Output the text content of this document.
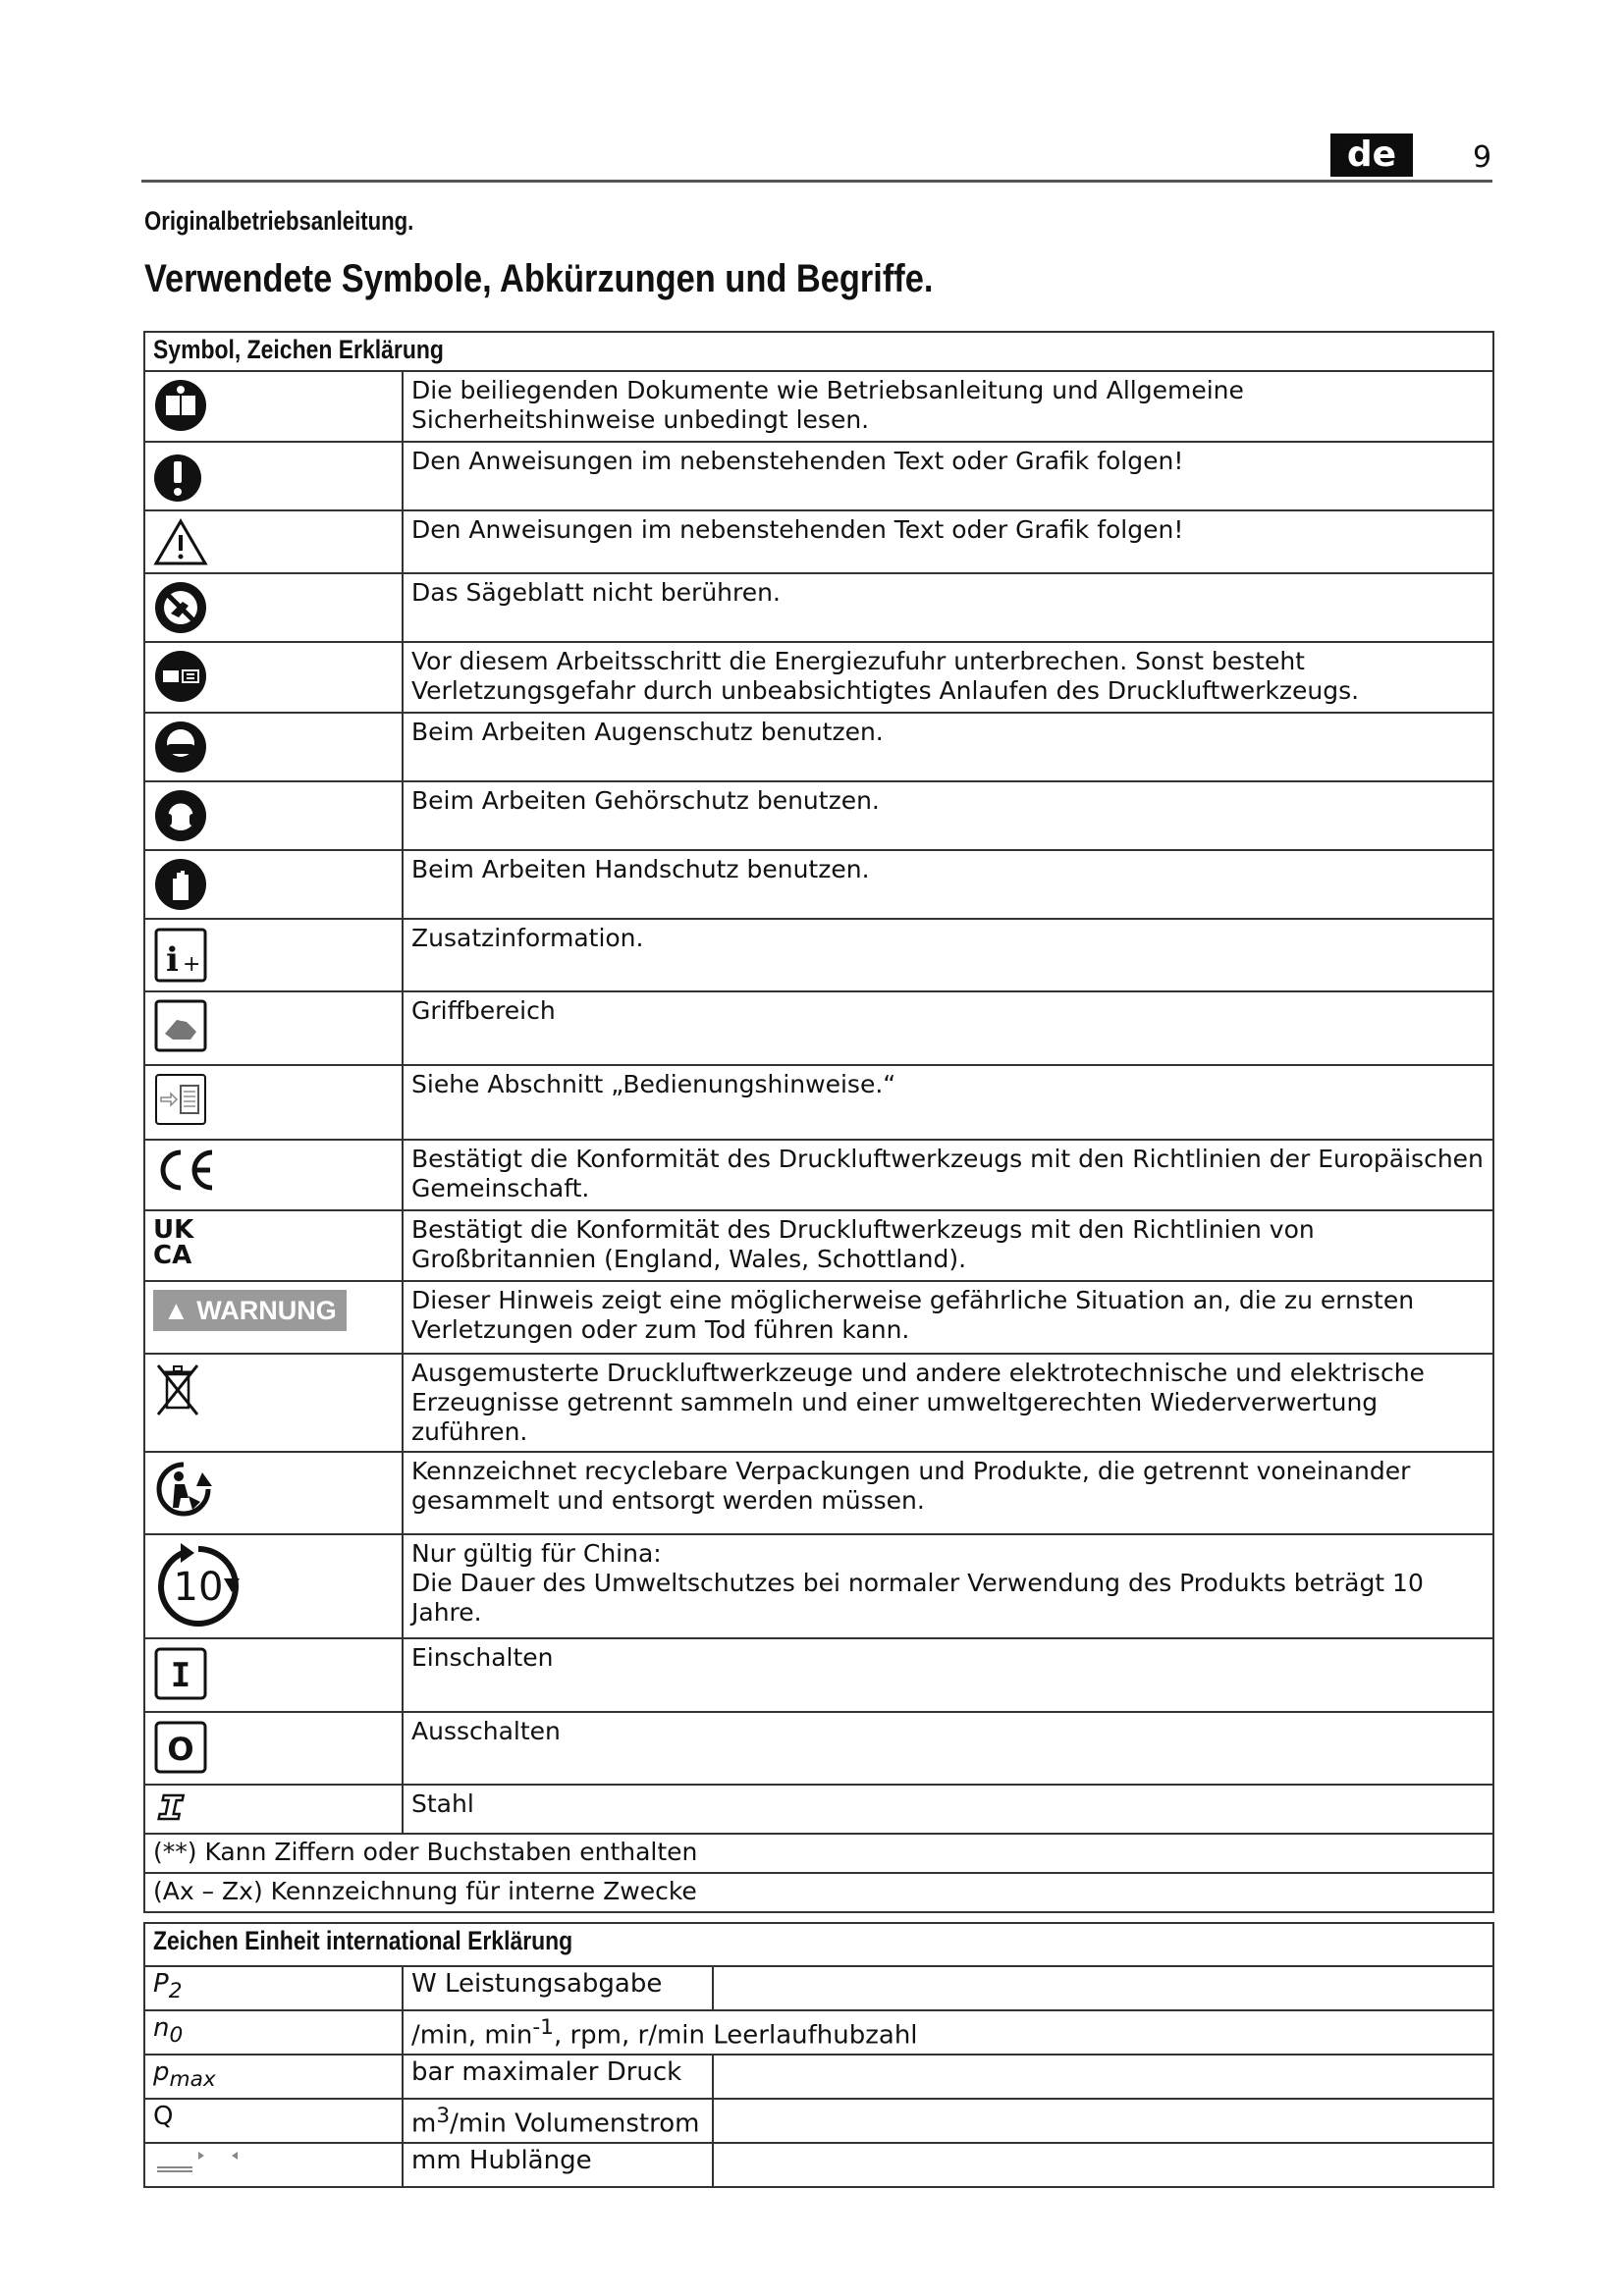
de	9
Originalbetriebsanleitung.
Verwendete Symbole, Abkürzungen und Begriffe.
Symbol, Zeichen Erklärung	

	Die beiliegenden Dokumente wie Betriebsanleitung und Allgemeine Sicherheitshinweise unbedingt lesen.

	Den Anweisungen im nebenstehenden Text oder Grafik folgen!

	Den Anweisungen im nebenstehenden Text oder Grafik folgen!

	Das Sägeblatt nicht berühren.

	Vor diesem Arbeitsschritt die Energiezufuhr unterbrechen. Sonst besteht Verletzungsgefahr durch unbeabsichtigtes Anlaufen des Druckluftwerkzeugs.

	Beim Arbeiten Augenschutz benutzen.

	Beim Arbeiten Gehörschutz benutzen.

	Beim Arbeiten Handschutz benutzen.

i +	Zusatzinformation.

	Griffbereich

	Siehe Abschnitt „Bedienungshinweise.“

	Bestätigt die Konformität des Druckluftwerkzeugs mit den Richtlinien der Europäischen Gemeinschaft.

UK
CA	Bestätigt die Konformität des Druckluftwerkzeugs mit den Richtlinien von Großbritannien (England, Wales, Schottland).
▲ WARNUNG	Dieser Hinweis zeigt eine möglicherweise gefährliche Situation an, die zu ernsten Verletzungen oder zum Tod führen kann.

	Ausgemusterte Druckluftwerkzeuge und andere elektrotechnische und elektrische Erzeugnisse getrennt sammeln und einer umweltgerechten Wiederverwertung zuführen.

	Kennzeichnet recyclebare Verpackungen und Produkte, die getrennt voneinander gesammelt und entsorgt werden müssen.

10	Nur gültig für China:
Die Dauer des Umweltschutzes bei normaler Verwendung des Produkts beträgt 10 Jahre.

I	Einschalten

O	Ausschalten

	Stahl
(**) Kann Ziffern oder Buchstaben enthalten	
(Ax – Zx) Kennzeichnung für interne Zwecke	
Zeichen Einheit international Erklärung		
$P_2$	W Leistungsabgabe	
$n_0$	/min, $\min^{-1}$, rpm, r/min Leerlaufhubzahl	
$p_{max}$	bar maximaler Druck	
Q	$m^3/\min$ Volumenstrom	
	mm Hublänge	
